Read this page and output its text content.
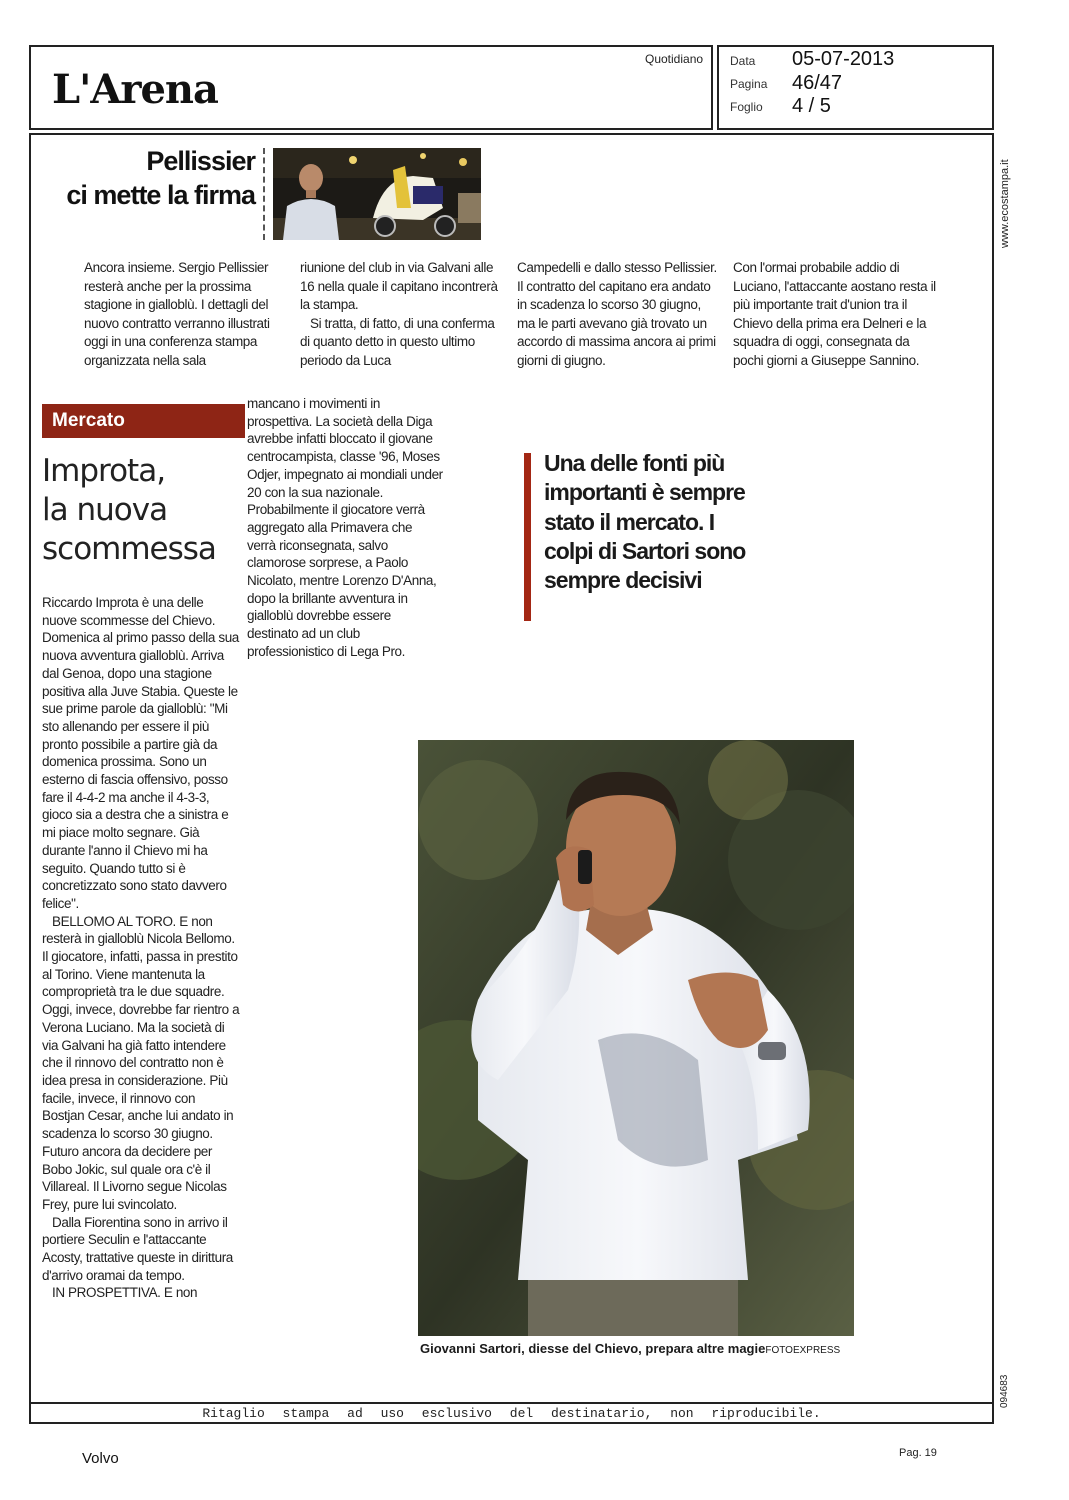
L'Arena
Quotidiano Data 05-07-2013
Pagina 46/47
Foglio 4 / 5
Ritaglio stampa ad uso esclusivo del destinatario, non riproducibile.
www.ecostampa.it
094683
Pellissier
ci mette la firma
Ancora insieme. Sergio Pellissier resterà anche per la prossima stagione in gialloblù. I dettagli del nuovo contratto verranno illustrati oggi in una conferenza stampa organizzata nella sala
riunione del club in via Galvani alle 16 nella quale il capitano incontrerà la stampa.
Si tratta, di fatto, di una conferma di quanto detto in questo ultimo periodo da Luca
Campedelli e dallo stesso Pellissier. Il contratto del capitano era andato in scadenza lo scorso 30 giugno, ma le parti avevano già trovato un accordo di massima ancora ai primi giorni di giugno.
Con l'ormai probabile addio di Luciano, l'attaccante aostano resta il più importante trait d'union tra il Chievo della prima era Delneri e la squadra di oggi, consegnata da pochi giorni a Giuseppe Sannino.
Mercato
Improta,
la nuova
scommessa
Riccardo Improta è una delle nuove scommesse del Chievo. Domenica al primo passo della sua nuova avventura gialloblù. Arriva dal Genoa, dopo una stagione positiva alla Juve Stabia. Queste le sue prime parole da gialloblù: "Mi sto allenando per essere il più pronto possibile a partire già da domenica prossima. Sono un esterno di fascia offensivo, posso fare il 4-4-2 ma anche il 4-3-3, gioco sia a destra che a sinistra e mi piace molto segnare. Già durante l'anno il Chievo mi ha seguito. Quando tutto si è concretizzato sono stato davvero felice".
BELLOMO AL TORO. E non resterà in gialloblù Nicola Bellomo. Il giocatore, infatti, passa in prestito al Torino. Viene mantenuta la comproprietà tra le due squadre. Oggi, invece, dovrebbe far rientro a Verona Luciano. Ma la società di via Galvani ha già fatto intendere che il rinnovo del contratto non è idea presa in considerazione. Più facile, invece, il rinnovo con Bostjan Cesar, anche lui andato in scadenza lo scorso 30 giugno. Futuro ancora da decidere per Bobo Jokic, sul quale ora c'è il Villareal. Il Livorno segue Nicolas Frey, pure lui svincolato.
Dalla Fiorentina sono in arrivo il portiere Seculin e l'attaccante Acosty, trattative queste in dirittura d'arrivo oramai da tempo.
IN PROSPETTIVA. E non
mancano i movimenti in prospettiva. La società della Diga avrebbe infatti bloccato il giovane centrocampista, classe '96, Moses Odjer, impegnato ai mondiali under 20 con la sua nazionale. Probabilmente il giocatore verrà aggregato alla Primavera che verrà riconsegnata, salvo clamorose sorprese, a Paolo Nicolato, mentre Lorenzo D'Anna, dopo la brillante avventura in gialloblù dovrebbe essere destinato ad un club professionistico di Lega Pro.
Una delle fonti più importanti è sempre stato il mercato. I colpi di Sartori sono sempre decisivi
Giovanni Sartori, diesse del Chievo, prepara altre magieFOTOEXPRESS
Volvo	Pag. 19
